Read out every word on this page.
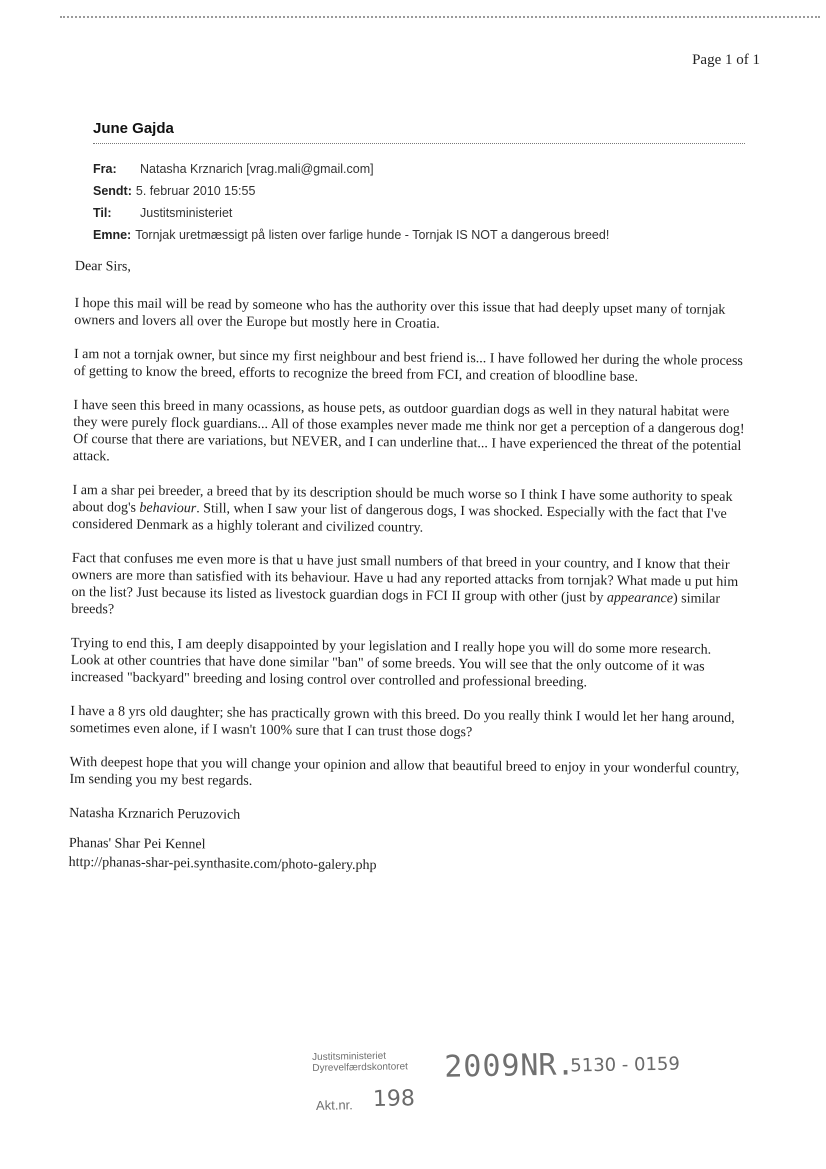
Page 1 of 1
June Gajda
Fra: Natasha Krznarich [vrag.mali@gmail.com]
Sendt: 5. februar 2010 15:55
Til: Justitsministeriet
Emne: Tornjak uretmæssigt på listen over farlige hunde - Tornjak IS NOT a dangerous breed!

Dear Sirs,

I hope this mail will be read by someone who has the authority over this issue that had deeply upset many of tornjak owners and lovers all over the Europe but mostly here in Croatia.

I am not a tornjak owner, but since my first neighbour and best friend is... I have followed her during the whole process of getting to know the breed, efforts to recognize the breed from FCI, and creation of bloodline base.

I have seen this breed in many ocassions, as house pets, as outdoor guardian dogs as well in they natural habitat were they were purely flock guardians... All of those examples never made me think nor get a perception of a dangerous dog! Of course that there are variations, but NEVER, and I can underline that... I have experienced the threat of the potential attack.

I am a shar pei breeder, a breed that by its description should be much worse so I think I have some authority to speak about dog's behaviour. Still, when I saw your list of dangerous dogs, I was shocked. Especially with the fact that I've considered Denmark as a highly tolerant and civilized country.

Fact that confuses me even more is that u have just small numbers of that breed in your country, and I know that their owners are more than satisfied with its behaviour. Have u had any reported attacks from tornjak? What made u put him on the list? Just because its listed as livestock guardian dogs in FCI II group with other (just by appearance) similar breeds?

Trying to end this, I am deeply disappointed by your legislation and I really hope you will do some more research. Look at other countries that have done similar "ban" of some breeds. You will see that the only outcome of it was increased "backyard" breeding and losing control over controlled and professional breeding.

I have a 8 yrs old daughter; she has practically grown with this breed. Do you really think I would let her hang around, sometimes even alone, if I wasn't 100% sure that I can trust those dogs?

With deepest hope that you will change your opinion and allow that beautiful breed to enjoy in your wonderful country, Im sending you my best regards.

Natasha Krznarich Peruzovich

Phanas' Shar Pei Kennel

http://phanas-shar-pei.synthasite.com/photo-galery.php

Justitsministeriet
Dyrevelfærdskontoret	2009 NR.
5130 - 0159
Akt.nr. 198
